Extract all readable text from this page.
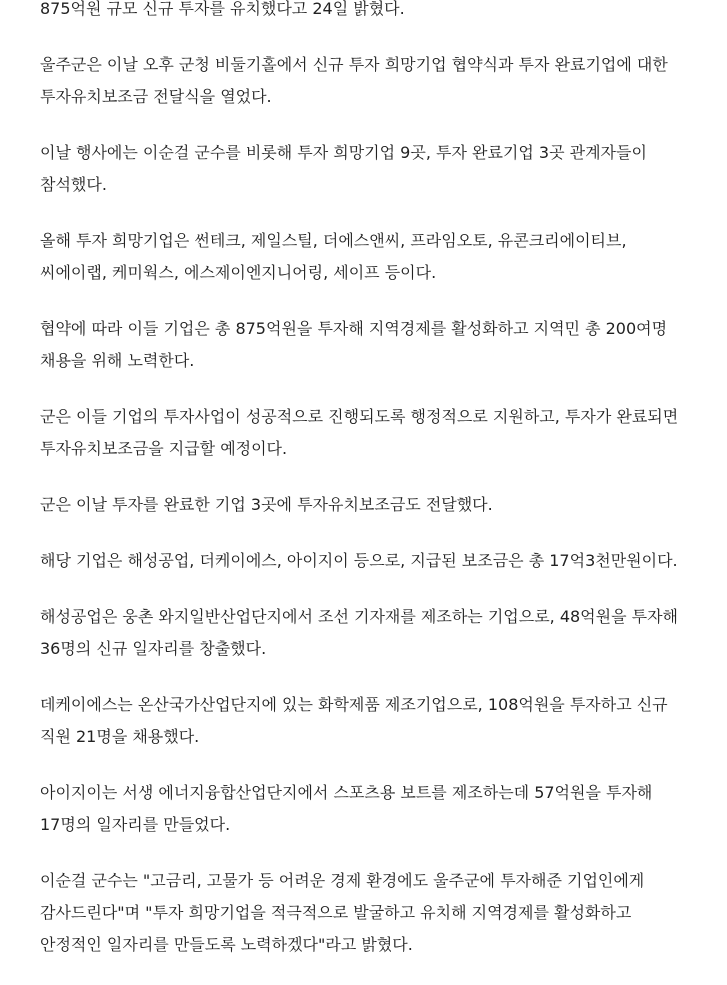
875억원 규모 신규 투자를 유치했다고 24일 밝혔다.

울주군은 이날 오후 군청 비둘기홀에서 신규 투자 희망기업 협약식과 투자 완료기업에 대한 투자유치보조금 전달식을 열었다.

이날 행사에는 이순걸 군수를 비롯해 투자 희망기업 9곳, 투자 완료기업 3곳 관계자들이 참석했다.

올해 투자 희망기업은 썬테크, 제일스틸, 더에스앤씨, 프라임오토, 유콘크리에이티브, 씨에이랩, 케미웍스, 에스제이엔지니어링, 세이프 등이다.

협약에 따라 이들 기업은 총 875억원을 투자해 지역경제를 활성화하고 지역민 총 200여명 채용을 위해 노력한다.

군은 이들 기업의 투자사업이 성공적으로 진행되도록 행정적으로 지원하고, 투자가 완료되면 투자유치보조금을 지급할 예정이다.

군은 이날 투자를 완료한 기업 3곳에 투자유치보조금도 전달했다.

해당 기업은 해성공업, 더케이에스, 아이지이 등으로, 지급된 보조금은 총 17억3천만원이다.

해성공업은 웅촌 와지일반산업단지에서 조선 기자재를 제조하는 기업으로, 48억원을 투자해 36명의 신규 일자리를 창출했다.

데케이에스는 온산국가산업단지에 있는 화학제품 제조기업으로, 108억원을 투자하고 신규 직원 21명을 채용했다.

아이지이는 서생 에너지융합산업단지에서 스포츠용 보트를 제조하는데 57억원을 투자해 17명의 일자리를 만들었다.

이순걸 군수는 "고금리, 고물가 등 어려운 경제 환경에도 울주군에 투자해준 기업인에게 감사드린다"며 "투자 희망기업을 적극적으로 발굴하고 유치해 지역경제를 활성화하고 안정적인 일자리를 만들도록 노력하겠다"라고 밝혔다.
